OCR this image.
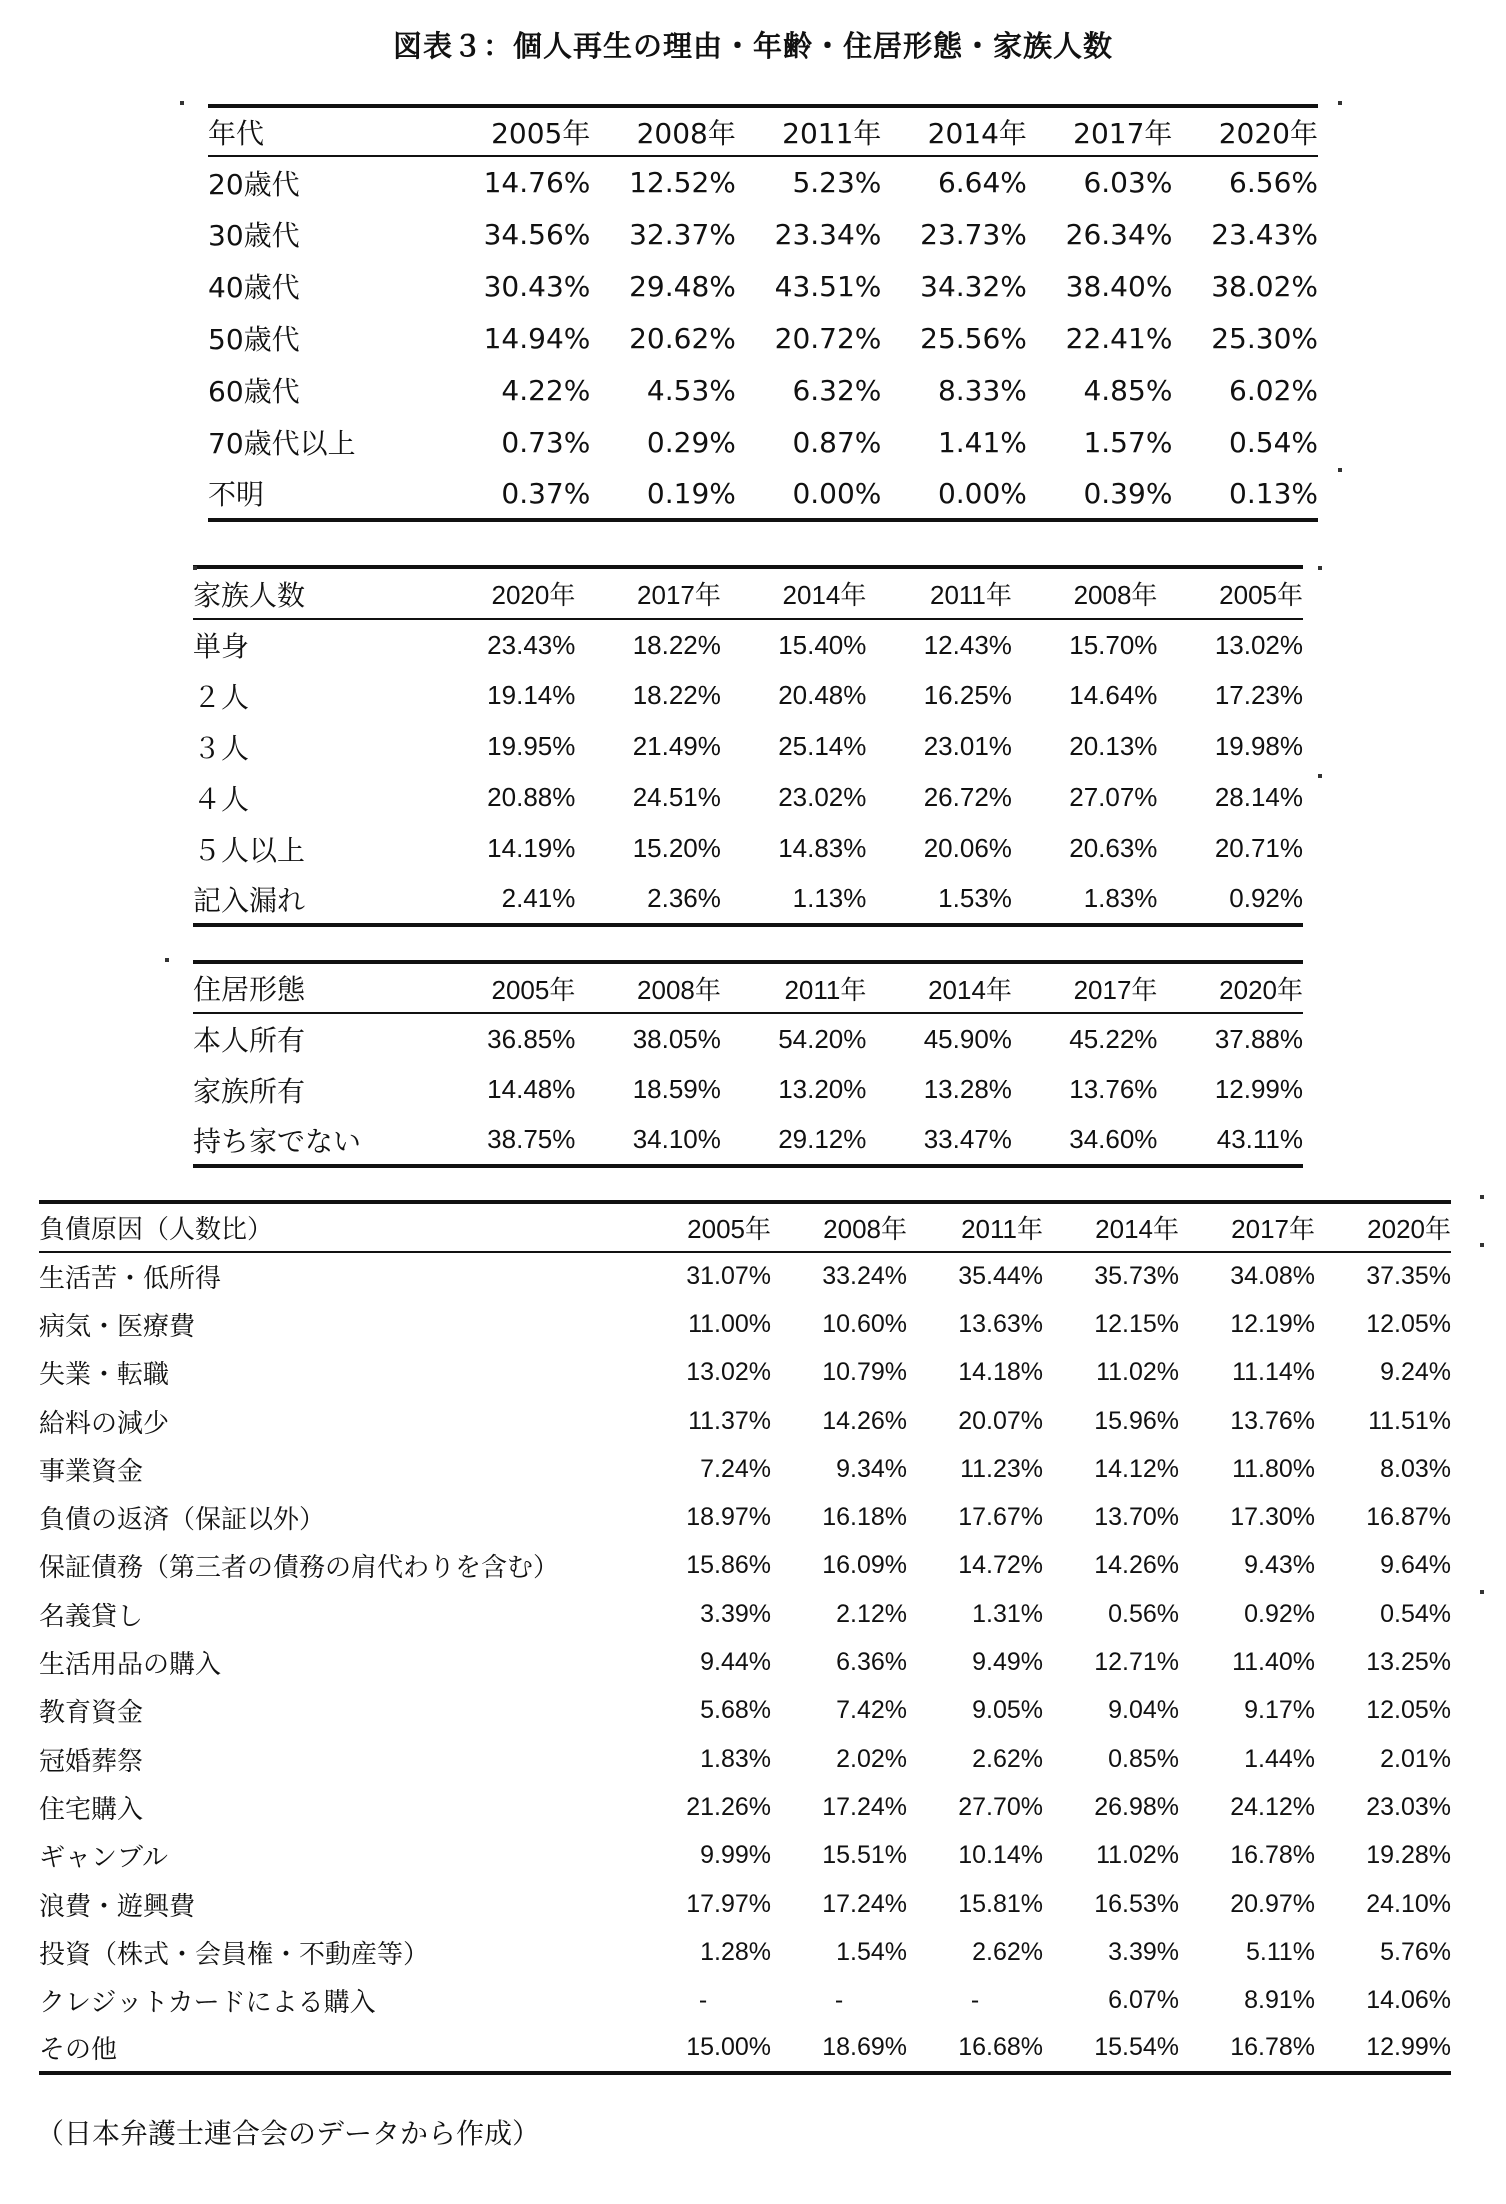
図表３：個人再生の理由・年齢・住居形態・家族人数
年代	2005年	2008年	2011年	2014年	2017年	2020年
20歳代	14.76%	12.52%	5.23%	6.64%	6.03%	6.56%
30歳代	34.56%	32.37%	23.34%	23.73%	26.34%	23.43%
40歳代	30.43%	29.48%	43.51%	34.32%	38.40%	38.02%
50歳代	14.94%	20.62%	20.72%	25.56%	22.41%	25.30%
60歳代	4.22%	4.53%	6.32%	8.33%	4.85%	6.02%
70歳代以上	0.73%	0.29%	0.87%	1.41%	1.57%	0.54%
不明	0.37%	0.19%	0.00%	0.00%	0.39%	0.13%
家族人数	2020年	2017年	2014年	2011年	2008年	2005年
単身	23.43%	18.22%	15.40%	12.43%	15.70%	13.02%
２人	19.14%	18.22%	20.48%	16.25%	14.64%	17.23%
３人	19.95%	21.49%	25.14%	23.01%	20.13%	19.98%
４人	20.88%	24.51%	23.02%	26.72%	27.07%	28.14%
５人以上	14.19%	15.20%	14.83%	20.06%	20.63%	20.71%
記入漏れ	2.41%	2.36%	1.13%	1.53%	1.83%	0.92%
住居形態	2005年	2008年	2011年	2014年	2017年	2020年
本人所有	36.85%	38.05%	54.20%	45.90%	45.22%	37.88%
家族所有	14.48%	18.59%	13.20%	13.28%	13.76%	12.99%
持ち家でない	38.75%	34.10%	29.12%	33.47%	34.60%	43.11%
負債原因（人数比）	2005年	2008年	2011年	2014年	2017年	2020年
生活苦・低所得	31.07%	33.24%	35.44%	35.73%	34.08%	37.35%
病気・医療費	11.00%	10.60%	13.63%	12.15%	12.19%	12.05%
失業・転職	13.02%	10.79%	14.18%	11.02%	11.14%	9.24%
給料の減少	11.37%	14.26%	20.07%	15.96%	13.76%	11.51%
事業資金	7.24%	9.34%	11.23%	14.12%	11.80%	8.03%
負債の返済（保証以外）	18.97%	16.18%	17.67%	13.70%	17.30%	16.87%
保証債務（第三者の債務の肩代わりを含む）	15.86%	16.09%	14.72%	14.26%	9.43%	9.64%
名義貸し	3.39%	2.12%	1.31%	0.56%	0.92%	0.54%
生活用品の購入	9.44%	6.36%	9.49%	12.71%	11.40%	13.25%
教育資金	5.68%	7.42%	9.05%	9.04%	9.17%	12.05%
冠婚葬祭	1.83%	2.02%	2.62%	0.85%	1.44%	2.01%
住宅購入	21.26%	17.24%	27.70%	26.98%	24.12%	23.03%
ギャンブル	9.99%	15.51%	10.14%	11.02%	16.78%	19.28%
浪費・遊興費	17.97%	17.24%	15.81%	16.53%	20.97%	24.10%
投資（株式・会員権・不動産等）	1.28%	1.54%	2.62%	3.39%	5.11%	5.76%
クレジットカードによる購入	-	-	-	6.07%	8.91%	14.06%
その他	15.00%	18.69%	16.68%	15.54%	16.78%	12.99%
（日本弁護士連合会のデータから作成）
